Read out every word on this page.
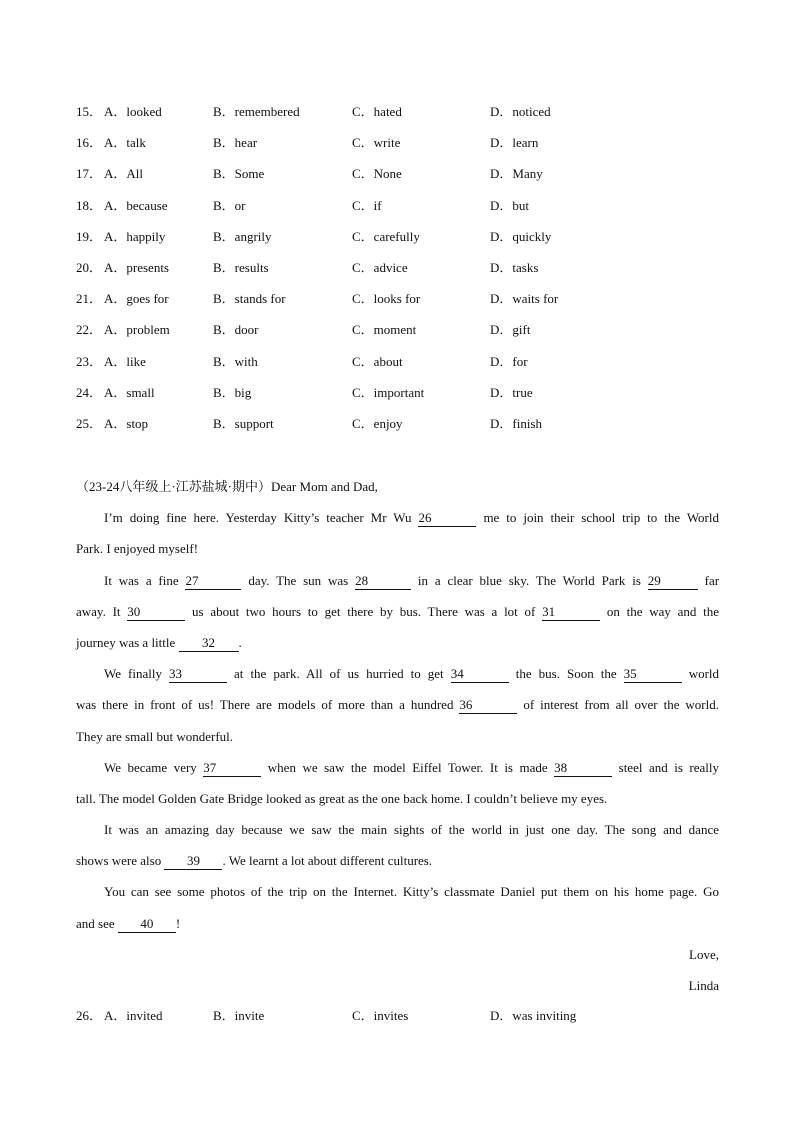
15． A．looked	B．remembered	C．hated	D．noticed
16． A．talk	B．hear	C．write	D．learn
17． A．All	B．Some	C．None	D．Many
18． A．because	B．or	C．if	D．but
19． A．happily	B．angrily	C．carefully	D．quickly
20． A．presents	B．results	C．advice	D．tasks
21． A．goes for	B．stands for	C．looks for	D．waits for
22． A．problem	B．door	C．moment	D．gift
23． A．like	B．with	C．about	D．for
24． A．small	B．big	C．important	D．true
25． A．stop	B．support	C．enjoy	D．finish
（23-24八年级上·江苏盐城·期中）Dear Mom and Dad,
I’m doing fine here. Yesterday Kitty’s teacher Mr Wu 26	me to join their school trip to the World
Park. I enjoyed myself!
It was a fine 27	day. The sun was 28	in a clear blue sky. The World Park is 29	far
away. It 30	us about two hours to get there by bus. There was a lot of 31	on the way and the
journey was a little 32 .
We finally 33	at the park. All of us hurried to get 34	the bus. Soon the 35	world
was there in front of us! There are models of more than a hundred 36	of interest from all over the world.
They are small but wonderful.
We became very 37	when we saw the model Eiffel Tower. It is made 38	steel and is really
tall. The model Golden Gate Bridge looked as great as the one back home. I couldn’t believe my eyes.
It was an amazing day because we saw the main sights of the world in just one day. The song and dance
shows were also 39 . We learnt a lot about different cultures.
You can see some photos of the trip on the Internet. Kitty’s classmate Daniel put them on his home page. Go
and see 40 !
Love,
Linda
26． A．invited	B．invite	C．invites	D．was inviting
